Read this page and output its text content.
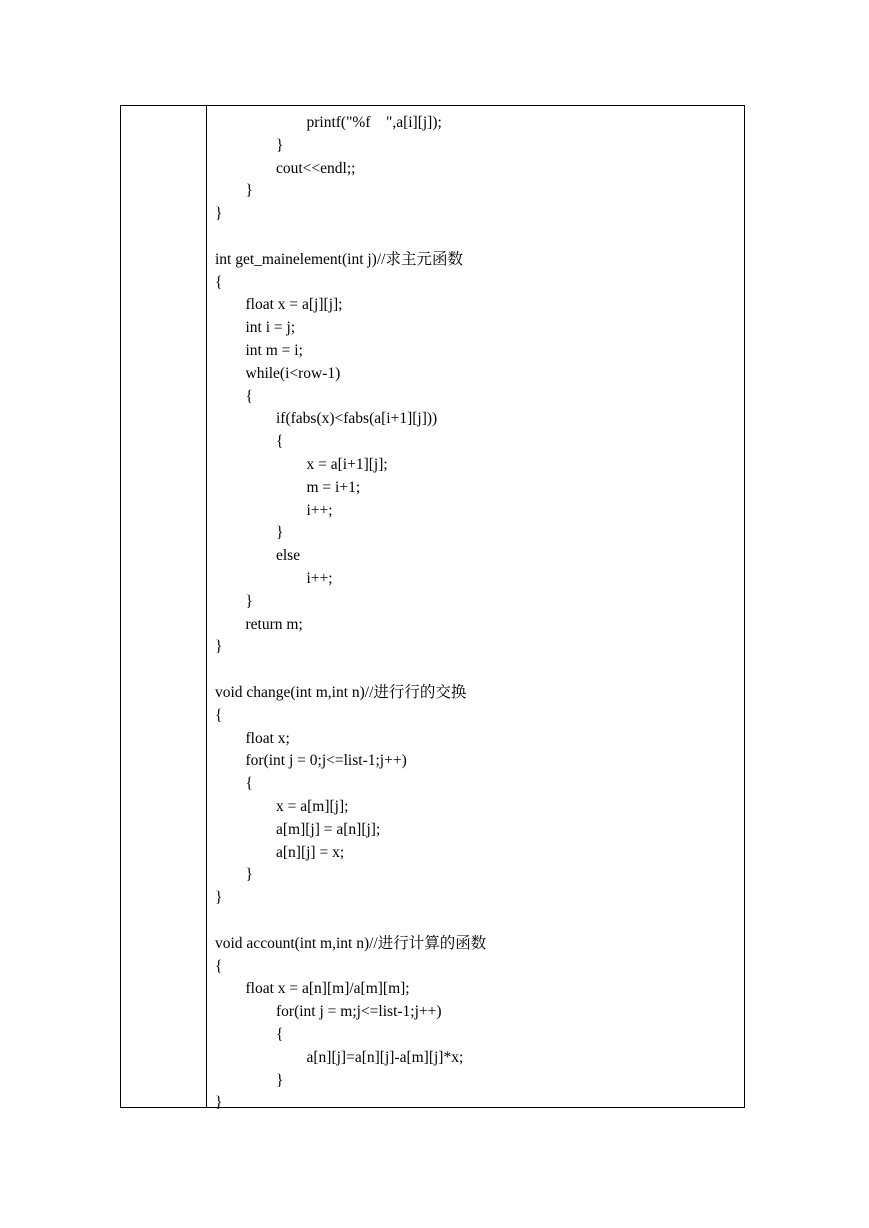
printf("%f    ",a[i][j]);
}
cout<<endl;;
}
}
int get_mainelement(int j)//求主元函数
{
float x = a[j][j];
int i = j;
int m = i;
while(i<row-1)
{
if(fabs(x)<fabs(a[i+1][j]))
{
x = a[i+1][j];
m = i+1;
i++;
}
else
i++;
}
return m;
}
void change(int m,int n)//进行行的交换
{
float x;
for(int j = 0;j<=list-1;j++)
{
x = a[m][j];
a[m][j] = a[n][j];
a[n][j] = x;
}
}
void account(int m,int n)//进行计算的函数
{
float x = a[n][m]/a[m][m];
for(int j = m;j<=list-1;j++)
{
a[n][j]=a[n][j]-a[m][j]*x;
}
}
